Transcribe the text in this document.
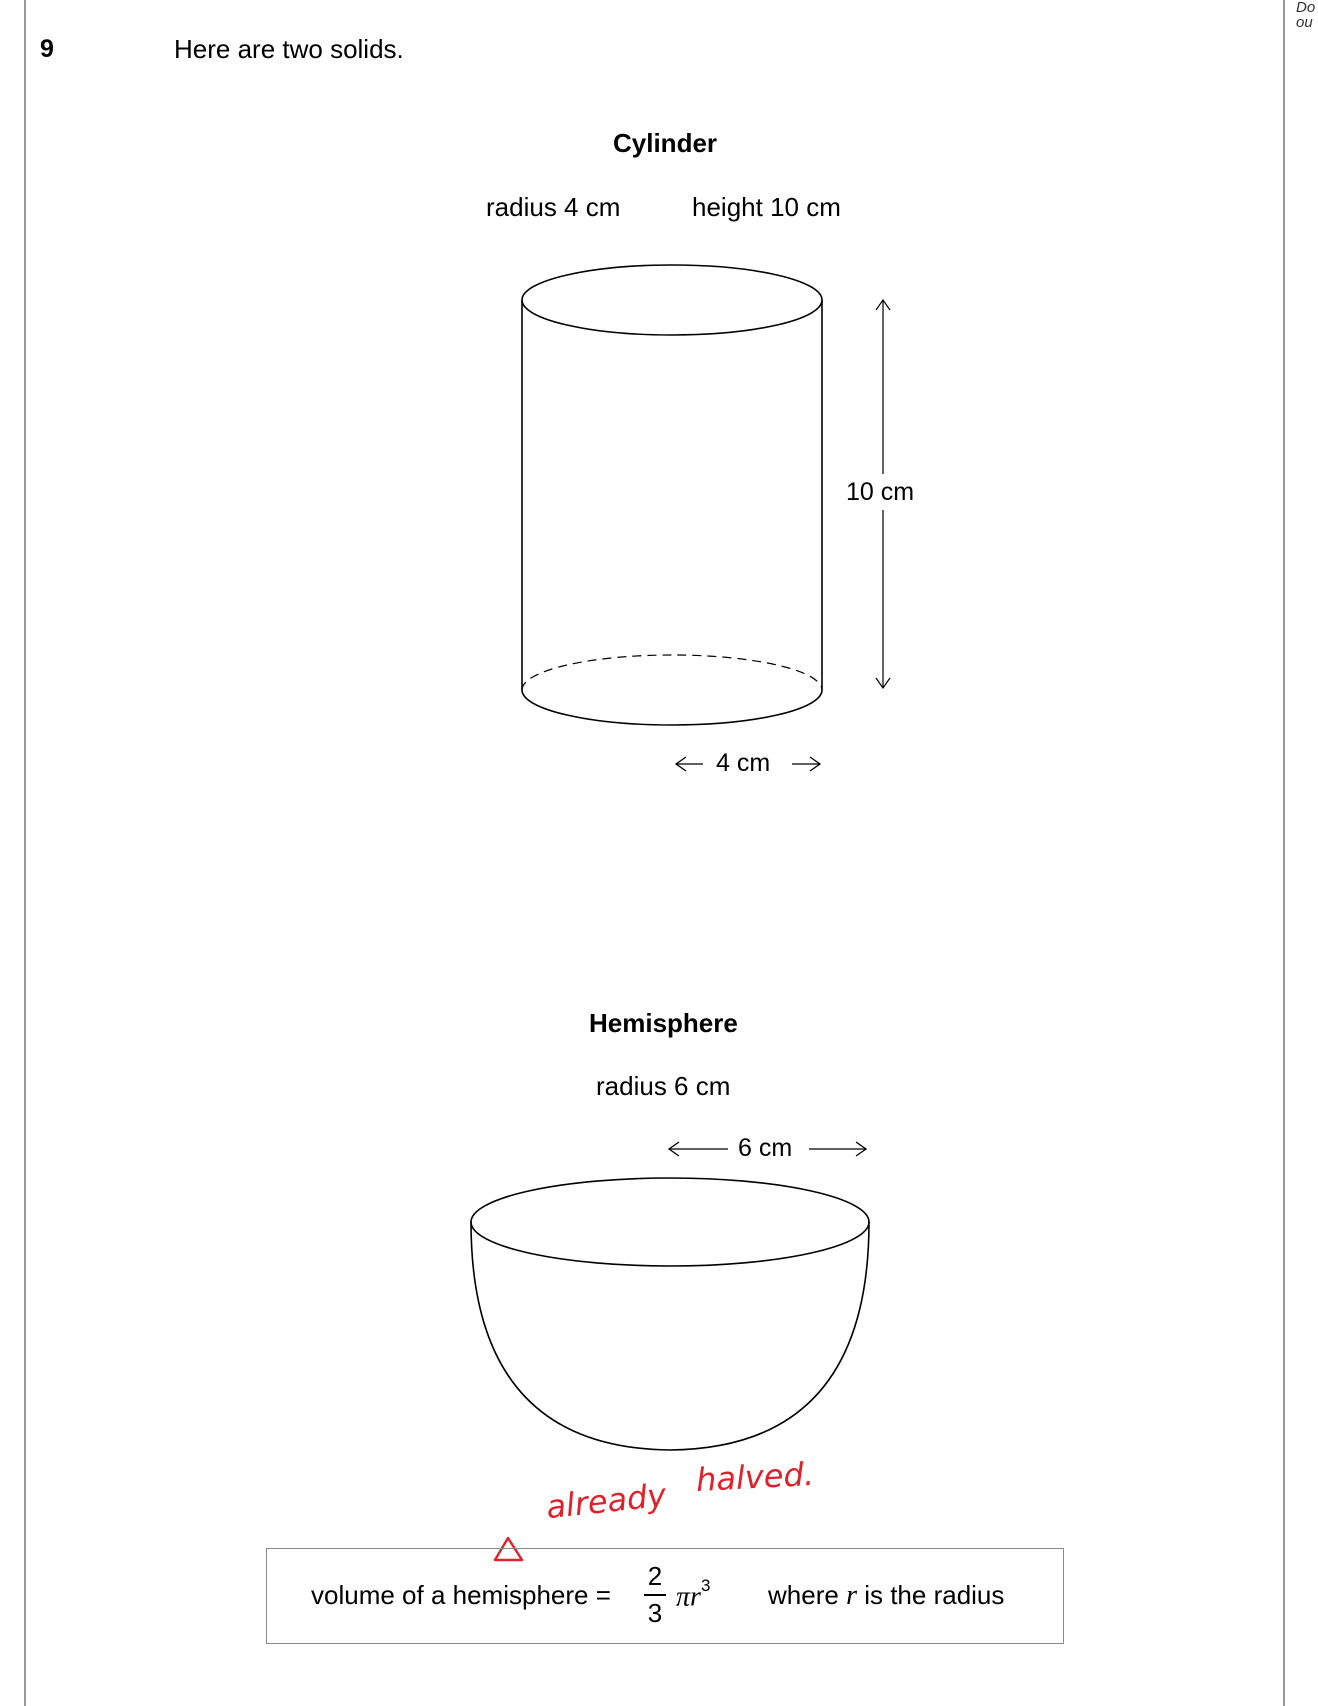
Do ou
9	Here are two solids.
Cylinder
radius 4 cm	height 10 cm
10 cm
4 cm
Hemisphere
radius 6 cm
6 cm
already halved.
volume of a hemisphere =
2
3
$\pi r^3$ where r is the radius
